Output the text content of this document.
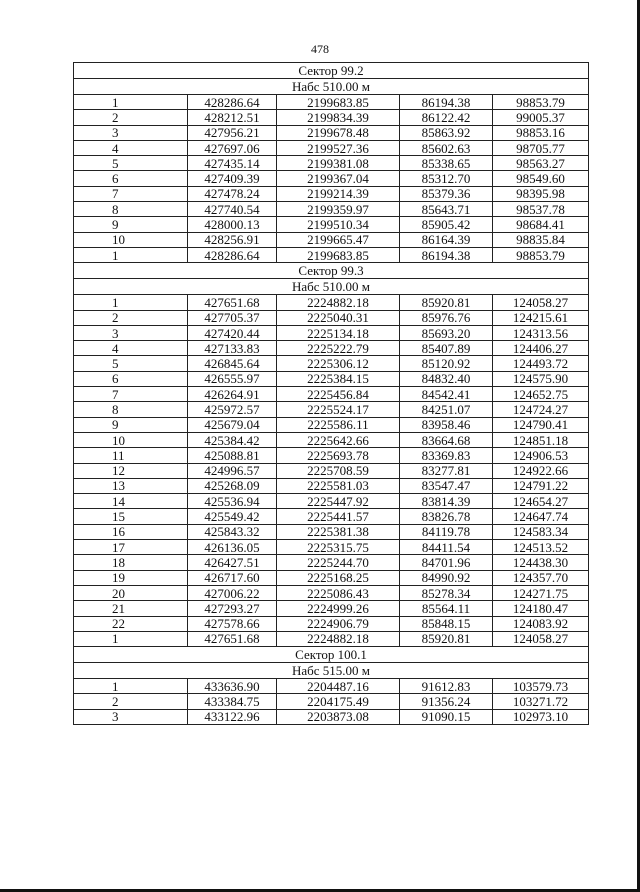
478
Сектор 99.2				
Набс 510.00 м				
1	428286.64	2199683.85	86194.38	98853.79
2	428212.51	2199834.39	86122.42	99005.37
3	427956.21	2199678.48	85863.92	98853.16
4	427697.06	2199527.36	85602.63	98705.77
5	427435.14	2199381.08	85338.65	98563.27
6	427409.39	2199367.04	85312.70	98549.60
7	427478.24	2199214.39	85379.36	98395.98
8	427740.54	2199359.97	85643.71	98537.78
9	428000.13	2199510.34	85905.42	98684.41
10	428256.91	2199665.47	86164.39	98835.84
1	428286.64	2199683.85	86194.38	98853.79
Сектор 99.3				
Набс 510.00 м				
1	427651.68	2224882.18	85920.81	124058.27
2	427705.37	2225040.31	85976.76	124215.61
3	427420.44	2225134.18	85693.20	124313.56
4	427133.83	2225222.79	85407.89	124406.27
5	426845.64	2225306.12	85120.92	124493.72
6	426555.97	2225384.15	84832.40	124575.90
7	426264.91	2225456.84	84542.41	124652.75
8	425972.57	2225524.17	84251.07	124724.27
9	425679.04	2225586.11	83958.46	124790.41
10	425384.42	2225642.66	83664.68	124851.18
11	425088.81	2225693.78	83369.83	124906.53
12	424996.57	2225708.59	83277.81	124922.66
13	425268.09	2225581.03	83547.47	124791.22
14	425536.94	2225447.92	83814.39	124654.27
15	425549.42	2225441.57	83826.78	124647.74
16	425843.32	2225381.38	84119.78	124583.34
17	426136.05	2225315.75	84411.54	124513.52
18	426427.51	2225244.70	84701.96	124438.30
19	426717.60	2225168.25	84990.92	124357.70
20	427006.22	2225086.43	85278.34	124271.75
21	427293.27	2224999.26	85564.11	124180.47
22	427578.66	2224906.79	85848.15	124083.92
1	427651.68	2224882.18	85920.81	124058.27
Сектор 100.1				
Набс 515.00 м				
1	433636.90	2204487.16	91612.83	103579.73
2	433384.75	2204175.49	91356.24	103271.72
3	433122.96	2203873.08	91090.15	102973.10
